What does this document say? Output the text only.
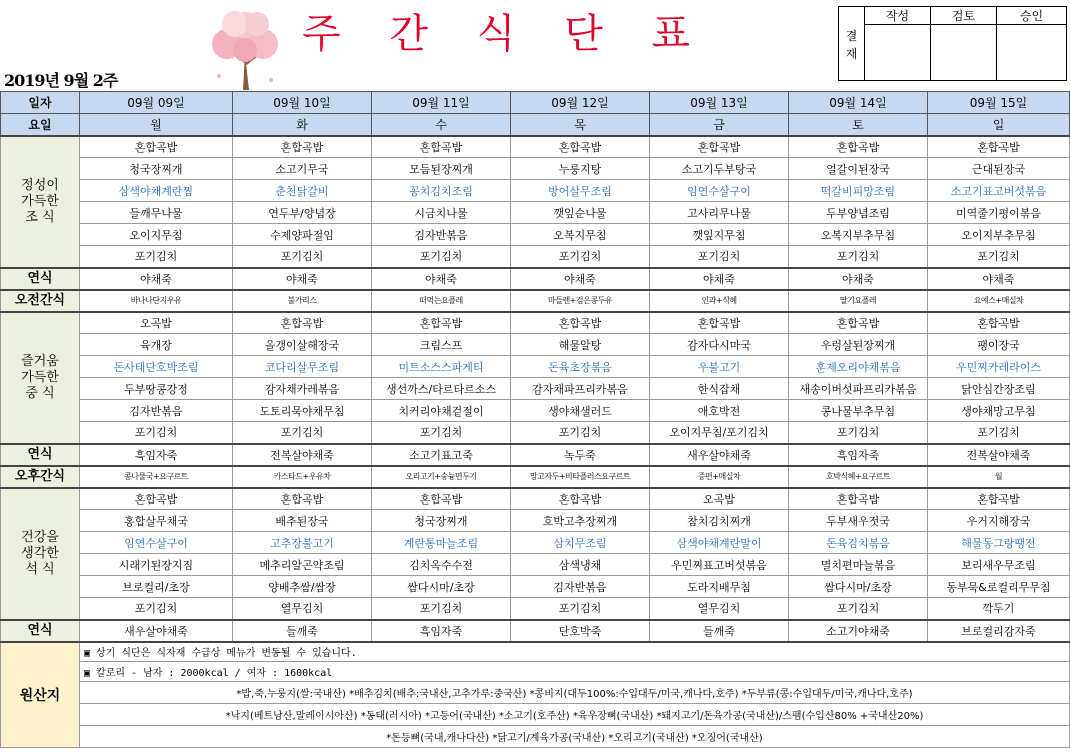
주 간 식 단 표
2019년 9월 2주
결
재	작성	검토	승인

일자	09월 09일	09월 10일	09월 11일	09월 12일	09월 13일	09월 14일	09월 15일
요일	월	화	수	목	금	토	일

정성이
가득한
조 식	혼합곡밥	혼합곡밥	혼합곡밥	혼합곡밥	혼합곡밥	혼합곡밥	혼합곡밥
	청국장찌개	소고기무국	모듬된장찌개	누룽지탕	소고기두부탕국	얼갈이된장국	근대된장국
	삼색야채계란찜	춘천닭갈비	꽁치김치조림	방어살무조림	임연수살구이	떡갈비피망조림	소고기표고버섯볶음
	들깨무나물	연두부/양념장	시금치나물	깻잎순나물	고사리무나물	두부양념조림	미역줄기평이볶음
	오이지무침	수제양파절임	김자반볶음	오복지무침	깻잎지무침	오복지부추무침	오이지부추무침
	포기김치	포기김치	포기김치	포기김치	포기김치	포기김치	포기김치
연식	야채죽	야채죽	야채죽	야채죽	야채죽	야채죽	야채죽
오전간식	바나나단지우유	불가리스	떠먹는요플레	마들렌+검은콩두유	인과+식혜	딸기요플레	요예스+매실차

즐거움
가득한
중 식	오곡밥	혼합곡밥	혼합곡밥	혼합곡밥	혼합곡밥	혼합곡밥	혼합곡밥
	육개장	올갱이살해장국	크림스프	해물알탕	감자다시마국	우렁살된장찌개	팽이장국
	돈사태단호박조림	코다리살무조림	미트소스스파게티	돈육초장볶음	우불고기	훈제오리야채볶음	우민찌카레라이스
	두부땅콩강정	감자채카레볶음	생선까스/타르타르소스	감자채파프리카볶음	한식잡채	새송이버섯파프리카볶음	닭안심간장조림
	김자반볶음	도토리묵야채무침	치커리야채겉절이	생야채샐러드	애호박전	콩나물부추무침	생야채망고무침
	포기김치	포기김치	포기김치	포기김치	오이지무침/포기김치	포기김치	포기김치
연식	흑임자죽	전복살야채죽	소고기표고죽	녹두죽	새우살야채죽	흑임자죽	전복살야채죽
오후간식	콩나물국+요구르트	카스타드+우유차	오리고기+숭늉면두기	망고자두+비타플러스요구르트	증편+매실차	호박식혜+요구르트	월

건강을
생각한
석 식	혼합곡밥	혼합곡밥	혼합곡밥	혼합곡밥	오곡밥	혼합곡밥	혼합곡밥
	홍합살무채국	배추된장국	청국장찌개	호박고추장찌개	참치김치찌개	두부새우젓국	우거지해장국
	임연수살구이	고추장불고기	계란통마늘조림	삼치무조림	삼색야채계란말이	돈육김치볶음	해물동그랑땡전
	시래기된장지짐	메추리알곤약조림	김치옥수수전	삼색냉채	우민찌표고버섯볶음	멸치편마늘볶음	보리새우무조림
	브로컬리/초장	양배추쌈/쌈장	쌈다시마/초장	김자반볶음	도라지배무침	쌈다시마/초장	동부묵&로컬리무무침
	포기김치	열무김치	포기김치	포기김치	열무김치	포기김치	깍두기
연식	새우살야채죽	들깨죽	흑임자죽	단호박죽	들깨죽	소고기야채죽	브로컬리감자죽
원산지	▣ 상기 식단은 식자재 수급상 메뉴가 변동될 수 있습니다.						
	▣ 칼로리 - 남자 : 2000kcal / 여자 : 1600kcal						
	*밥,죽,누룽지(쌀:국내산) *배추김치(배추:국내산,고추가루:중국산) *콩비지(대두100%:수입대두/미국,캐나다,호주) *두부류(콩:수입대두/미국,캐나다,호주)						
	*낙지(베트남산,말레이시아산) *동태(러시아) *고등어(국내산) *소고기(호주산) *육우장뼈(국내산) *돼지고기/돈육가공(국내산)/스팸(수입산80% +국내산20%)						
	*돈등뼈(국내,캐나다산) *닭고기/계육가공(국내산) *오리고기(국내산) *오징어(국내산)						
